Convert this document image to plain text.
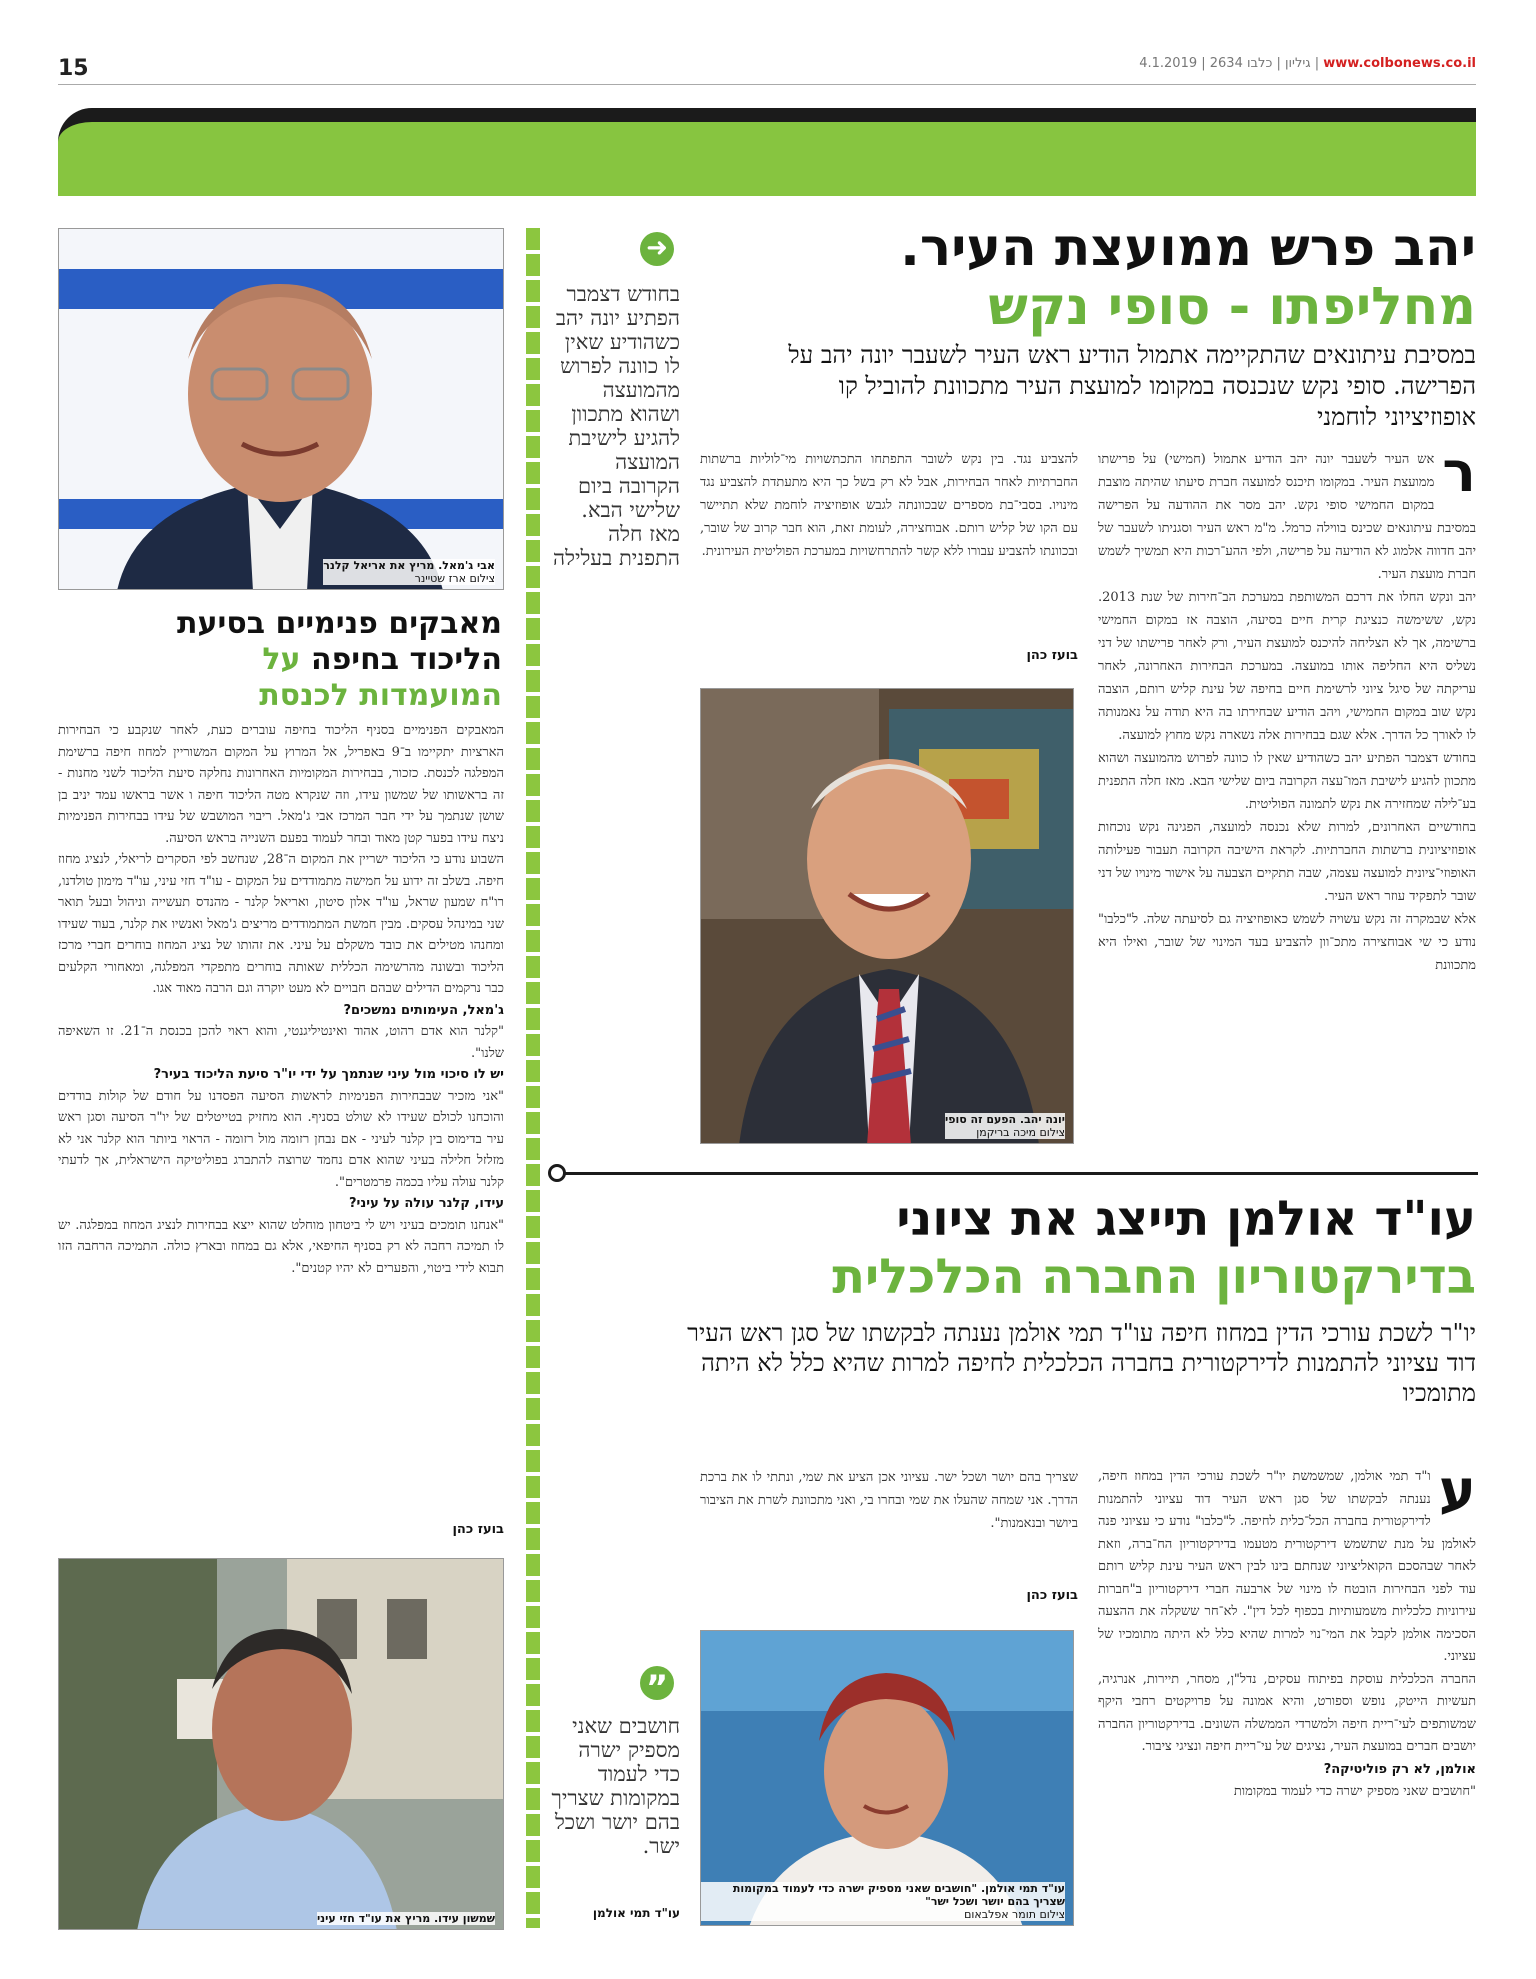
15	4.1.2019 | 2634 גיליון | כלבו | www.colbonews.co.il
יהב פרש ממועצת העיר.
מחליפתו - סופי נקש
במסיבת עיתונאים שהתקיימה אתמול הודיע ראש העיר לשעבר יונה יהב על הפרישה. סופי נקש שנכנסה במקומו למועצת העיר מתכוונת להוביל קו אופוזיציוני לוחמני
ר

אש העיר לשעבר יונה יהב הודיע אתמול (חמישי) על פרישתו ממועצת העיר. במקומו תיכנס למועצה חברת סיעתו שהיתה מוצבת במקום החמישי סופי נקש. יהב מסר את ההודעה על הפרישה במסיבת עיתונאים שכינס בווילה כרמל. מ"מ ראש העיר וסגניתו לשעבר של יהב חדווה אלמוג לא הודיעה על פרישה, ולפי ההע־רכות היא תמשיך לשמש חברת מועצת העיר.

יהב ונקש החלו את דרכם המשותפת במערכת הב־חירות של שנת 2013. נקש, ששימשה כנציגת קרית חיים בסיעה, הוצבה אז במקום החמישי ברשימה, אך לא הצליחה להיכנס למועצת העיר, ורק לאחר פרישתו של דני נשליס היא החליפה אותו במועצה. במערכת הבחירות האחרונה, לאחר עריקתה של סיגל ציוני לרשימת חיים בחיפה של עינת קליש רותם, הוצבה נקש שוב במקום החמישי, ויהב הודיע שבחירתו בה היא תודה על נאמנותה לו לאורך כל הדרך. אלא שגם בבחירות אלה נשארה נקש מחוץ למועצה.

בחודש דצמבר הפתיע יהב כשהודיע שאין לו כוונה לפרוש מהמועצה ושהוא מתכוון להגיע לישיבת המו־עצה הקרובה ביום שלישי הבא. מאז חלה התפנית בע־לילה שמחזירה את נקש לתמונה הפוליטית.

בחודשיים האחרונים, למרות שלא נכנסה למועצה, הפגינה נקש נוכחות אופוזיציונית ברשתות החברתיות. לקראת הישיבה הקרובה תעבור פעילותה האופוזי־ציונית למועצה עצמה, שבה תתקיים הצבעה על אישור מינויו של דני שובר לתפקיד עוזר ראש העיר.

אלא שבמקרה זה נקש עשויה לשמש כאופוזיציה גם לסיעתה שלה. ל"כלבו" נודע כי שי אבוחצירה מתכ־וון להצביע בעד המינוי של שובר, ואילו היא מתכוונת

להצביע נגד. בין נקש לשובר התפתחו התכתשויות מי־לוליות ברשתות החברתיות לאחר הבחירות, אבל לא רק בשל כך היא מתעתדת להצביע נגד מינויו. בסבי־בת מספרים שבכוונתה לגבש אופוזיציה לוחמת שלא תתיישר עם הקו של קליש רותם. אבוחצירה, לעומת זאת, הוא חבר קרוב של שובר, ובכוונתו להצביע עבורו ללא קשר להתרחשויות במערכת הפוליטית העירונית.
בועז כהן
יונה יהב. הפעם זה סופי
צילום מיכה בריקמן
➜
בחודש דצמבר הפתיע יונה יהב כשהודיע שאין לו כוונה לפרוש מהמועצה ושהוא מתכוון להגיע לישיבת המועצה הקרובה ביום שלישי הבא. מאז חלה התפנית בעלילה
אבי ג'מאל. מריץ את אריאל קלנר
צילום ארז שטיינר
מאבקים פנימיים בסיעת
הליכוד בחיפה על
המועמדות לכנסת

המאבקים הפנימיים בסניף הליכוד בחיפה עוברים כעת, לאחר שנקבע כי הבחירות הארציות יתקיימו ב־9 באפריל, אל המרוץ על המקום המשוריין למחוז חיפה ברשימת המפלגה לכנסת. כזכור, בבחירות המקומיות האחרונות נחלקה סיעת הליכוד לשני מחנות - זה בראשותו של שמשון עידו, וזה שנקרא מטה הליכוד חיפה ו אשר בראשו עמד יניב בן שושן שנתמך על ידי חבר המרכז אבי ג'מאל. ריבוי המושבש של עידו בבחירות הפנימיות ניצח עידו בפער קטן מאוד ובחר לעמוד בפעם השנייה בראש הסיעה.

השבוע נודע כי הליכוד ישריין את המקום ה־28, שנחשב לפי הסקרים לריאלי, לנציג מחוז חיפה. בשלב זה ידוע על חמישה מתמודדים על המקום - עו"ד חזי עיני, עו"ד מימון טולדנו, רו"ח שמעון שראל, עו"ד אלון סיטון, ואריאל קלנר - מהנדס תעשייה וניהול ובעל תואר שני במינהל עסקים. מבין חמשת המתמודדים מריצים ג'מאל ואנשיו את קלנר, בעוד שעידו ומחנהו מטילים את כובד משקלם על עיני. את זהותו של נציג המחוז בוחרים חברי מרכז הליכוד ובשונה מהרשימה הכללית שאותה בוחרים מתפקדי המפלגה, ומאחורי הקלעים כבר נרקמים הדילים שבהם חבויים לא מעט יוקרה וגם הרבה מאוד אגו.

ג'מאל, העימותים נמשכים?

"קלנר הוא אדם רהוט, אהוד ואינטיליגנטי, והוא ראוי להכן בכנסת ה־21. זו השאיפה שלנו".

יש לו סיכוי מול עיני שנתמך על ידי יו"ר סיעת הליכוד בעיר?

"אני מזכיר שבבחירות הפנימיות לראשות הסיעה הפסדנו על חודם של קולות בודדים והוכחנו לכולם שעידו לא שולט בסניף. הוא מחזיק בטייטלים של יו"ר הסיעה וסגן ראש עיר בדימוס בין קלנר לעיני - אם נבחן רזומה מול רזומה - הראוי ביותר הוא קלנר אני לא מזלזל חלילה בעיני שהוא אדם נחמד שרוצה להתברג בפוליטיקה הישראלית, אך לדעתי קלנר עולה עליו בכמה פרמטרים".

עידו, קלנר עולה על עיני?

"אנחנו תומכים בעיני ויש לי ביטחון מוחלט שהוא ייצא בבחירות לנציג המחוז במפלגה. יש לו תמיכה רחבה לא רק בסניף החיפאי, אלא גם במחוז ובארץ כולה. התמיכה הרחבה הזו תבוא לידי ביטוי, והפערים לא יהיו קטנים".

בועז כהן
שמשון עידו. מריץ את עו"ד חזי עיני
עו"ד אולמן תייצג את ציוני
בדירקטוריון החברה הכלכלית
יו"ר לשכת עורכי הדין במחוז חיפה עו"ד תמי אולמן נענתה לבקשתו של סגן ראש העיר דוד עציוני להתמנות לדירקטורית בחברה הכלכלית לחיפה למרות שהיא כלל לא היתה מתומכיו
ע

ו"ד תמי אולמן, שמשמשת יו"ר לשכת עורכי הדין במחוז חיפה, נענתה לבקשתו של סגן ראש העיר דוד עציוני להתמנות לדירקטורית בחברה הכל־כלית לחיפה. ל"כלבו" נודע כי עציוני פנה לאולמן על מנת שתשמש דירקטורית מטעמו בדירקטוריון הח־ברה, וזאת לאחר שבהסכם הקואליציוני שנחתם בינו לבין ראש העיר עינת קליש רותם עוד לפני הבחירות הובטח לו מינוי של ארבעה חברי דירקטוריון ב"חברות עירוניות כלכליות משמעותיות בכפוף לכל דין". לא־חר ששקלה את ההצעה הסכימה אולמן לקבל את המי־נוי למרות שהיא כלל לא היתה מתומכיו של עציוני.

החברה הכלכלית עוסקת בפיתוח עסקים, נדל"ן, מסחר, תיירות, אנרגיה, תעשיות הייטק, נופש וספורט, והיא אמונה על פרויקטים רחבי היקף שמשותפים לעי־ריית חיפה ולמשרדי הממשלה השונים. בדירקטוריון החברה יושבים חברים במועצת העיר, נציגים של עי־ריית חיפה ונציגי ציבור.

אולמן, לא רק פוליטיקה?

"חושבים שאני מספיק ישרה כדי לעמוד במקומות

שצריך בהם יושר ושכל ישר. עציוני אכן הציע את שמי, ונתתי לו את ברכת הדרך. אני שמחה שהעלו את שמי ובחרו בי, ואני מתכוונת לשרת את הציבור ביושר ובנאמנות".
בועז כהן
עו"ד תמי אולמן. "חושבים שאני מספיק ישרה כדי לעמוד במקומות שצריך בהם יושר ושכל ישר"
צילום תומר אפלבאום
”
חושבים שאני מספיק ישרה כדי לעמוד במקומות שצריך בהם יושר ושכל ישר.
עו"ד תמי אולמן
